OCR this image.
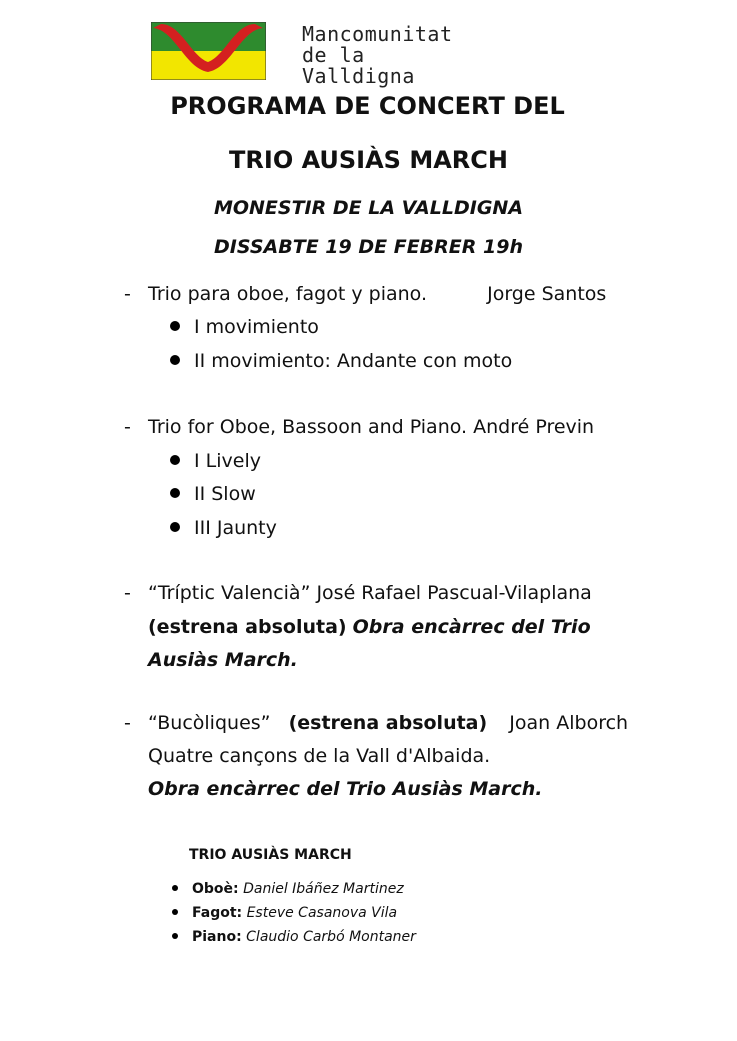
Mancomunitat
de la
Valldigna
PROGRAMA DE CONCERT DEL
TRIO AUSIÀS MARCH
MONESTIR DE LA VALLDIGNA
DISSABTE 19 DE FEBRER 19h
- Trio para oboe, fagot y piano.	Jorge Santos
I movimiento
II movimiento: Andante con moto
- Trio for Oboe, Bassoon and Piano. André Previn
I Lively
II Slow
III Jaunty
- “Tríptic Valencià” José Rafael Pascual-Vilaplana
(estrena absoluta) Obra encàrrec del Trio
Ausiàs March.
- “Bucòliques” (estrena absoluta) Joan Alborch
Quatre cançons de la Vall d'Albaida.
Obra encàrrec del Trio Ausiàs March.
TRIO AUSIÀS MARCH
Oboè: Daniel Ibáñez Martinez
Fagot: Esteve Casanova Vila
Piano: Claudio Carbó Montaner
